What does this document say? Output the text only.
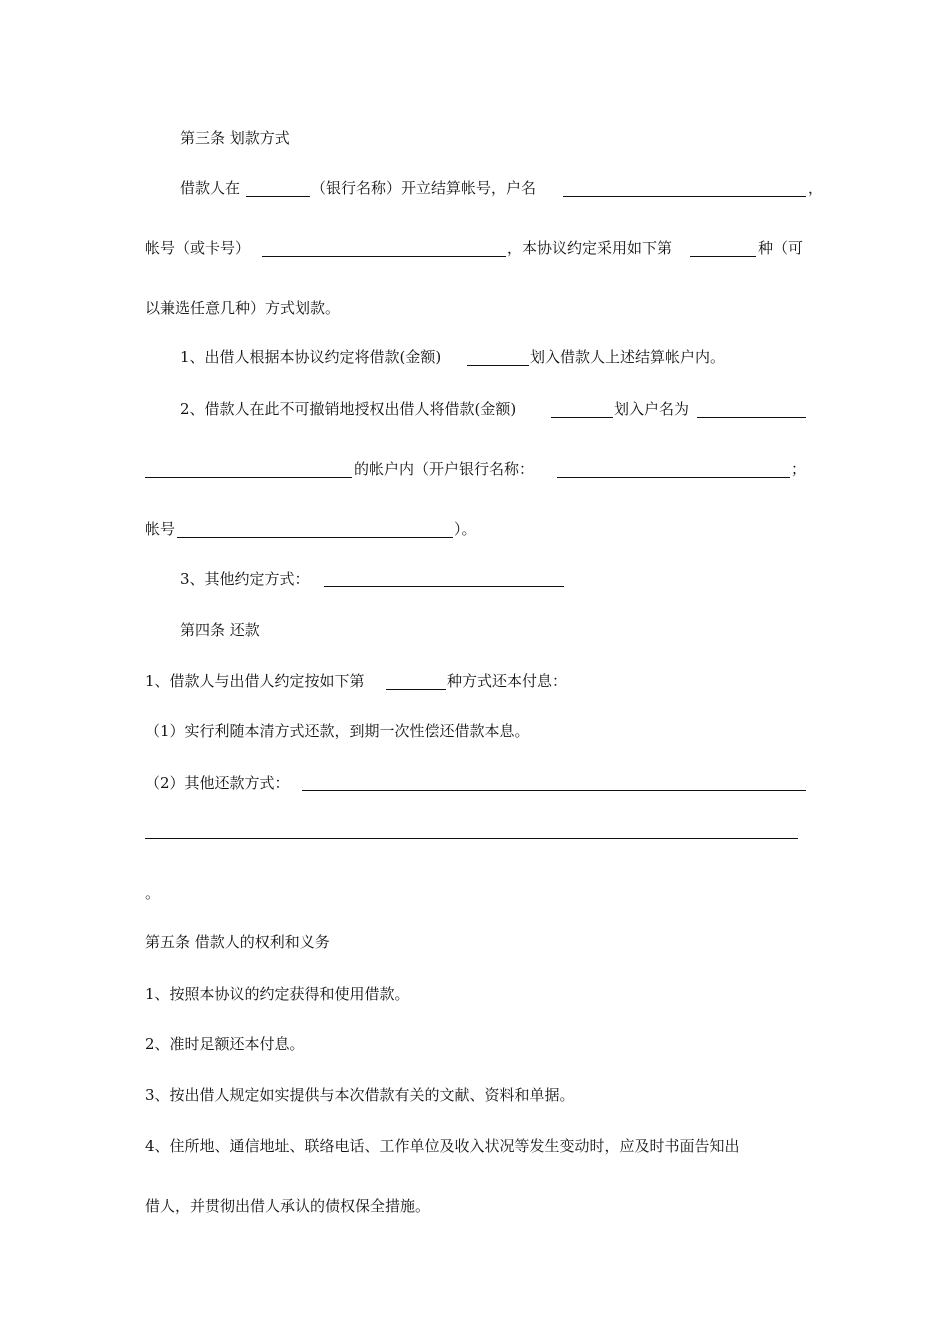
第三条 划款方式
借款人在	（银行名称）开立结算帐号，户名	，
帐号（或卡号）	，本协议约定采用如下第	种（可
以兼选任意几种）方式划款。
1、出借人根据本协议约定将借款(金额)	划入借款人上述结算帐户内。
2、借款人在此不可撤销地授权出借人将借款(金额)	划入户名为
的帐户内（开户银行名称：	；
帐号	）。
3、其他约定方式：
第四条 还款
1、借款人与出借人约定按如下第	种方式还本付息：
（1）实行利随本清方式还款，到期一次性偿还借款本息。
（2）其他还款方式：
。
第五条 借款人的权利和义务
1、按照本协议的约定获得和使用借款。
2、准时足额还本付息。
3、按出借人规定如实提供与本次借款有关的文献、资料和单据。
4、住所地、通信地址、联络电话、工作单位及收入状况等发生变动时，应及时书面告知出
借人，并贯彻出借人承认的债权保全措施。
